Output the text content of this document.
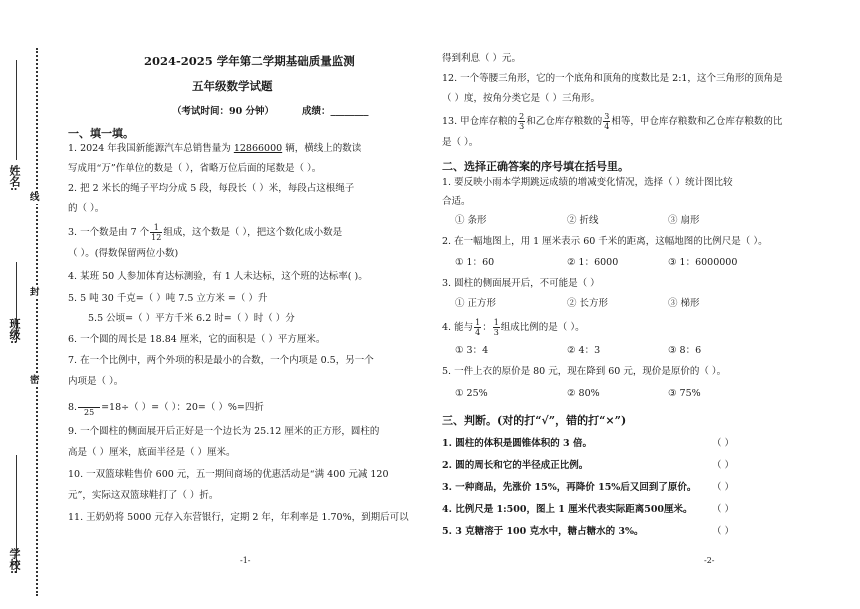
学校:
班级:
姓名:
线
封
密
2024-2025 学年第二学期基础质量监测
五年级数学试题
（考试时间：90 分钟）	成绩：________
一、填一填。
1. 2024 年我国新能源汽车总销售量为 12866000 辆，横线上的数读
写成用“万”作单位的数是（ ），省略万位后面的尾数是（ ）。
2. 把 2 米长的绳子平均分成 5 段，每段长（ ）米，每段占这根绳子
的（ ）。
3. 一个数是由 7 个 $\frac{1}{12}$ 组成，这个数是（ ），把这个数化成小数是
（ ）。(得数保留两位小数)
4. 某班 50 人参加体育达标测验，有 1 人未达标，这个班的达标率( )。
5. 5 吨 30 千克=（ ）吨 7.5 立方米 =（ ）升
5.5 公顷=（ ）平方千米 6.2 时=（ ）时（ ）分
6. 一个圆的周长是 18.84 厘米，它的面积是（ ）平方厘米。
7. 在一个比例中，两个外项的积是最小的合数，一个内项是 0.5，另一个
内项是（ ）。
8.
25 =18÷（ ）=（ ）：20=（ ）%=四折
9. 一个圆柱的侧面展开后正好是一个边长为 25.12 厘米的正方形，圆柱的
高是（ ）厘米，底面半径是（ ）厘米。
10. 一双篮球鞋售价 600 元，五一期间商场的优惠活动是“满 400 元减 120
元”，实际这双篮球鞋打了（ ）折。
11. 王奶奶将 5000 元存入东营银行，定期 2 年，年利率是 1.70%，到期后可以
-1-
得到利息（ ）元。
12. 一个等腰三角形，它的一个底角和顶角的度数比是 2:1，这个三角形的顶角是
（ ）度，按角分类它是（ ）三角形。
13. 甲仓库存粮的 $\frac{2}{3}$ 和乙仓库存粮数的 $\frac{3}{4}$ 相等，甲仓库存粮数和乙仓库存粮数的比
是（ ）。
二、选择正确答案的序号填在括号里。
1. 要反映小雨本学期跳远成绩的增减变化情况，选择（ ）统计图比较
合适。
① 条形	② 折线	③ 扇形
2. 在一幅地图上，用 1 厘米表示 60 千米的距离，这幅地图的比例尺是（ ）。
① 1：60	② 1：6000	③ 1：6000000
3. 圆柱的侧面展开后，不可能是（ ）
① 正方形	② 长方形	③ 梯形
4. 能与 $\frac{1}{4}$ ： $\frac{1}{3}$ 组成比例的是（ ）。
① 3：4	② 4：3	③ 8：6
5. 一件上衣的原价是 80 元，现在降到 60 元，现价是原价的（ ）。
① 25%	② 80%	③ 75%
三、判断。(对的打“√”，错的打“×”)
1. 圆柱的体积是圆锥体积的 3 倍。	（ ）
2. 圆的周长和它的半径成正比例。	（ ）
3. 一种商品，先涨价 15%，再降价 15%后又回到了原价。 （ ）
4. 比例尺是 1:500，图上 1 厘米代表实际距离500厘米。 （ ）
5. 3 克糖溶于 100 克水中，糖占糖水的 3%。	（ ）
-2-
